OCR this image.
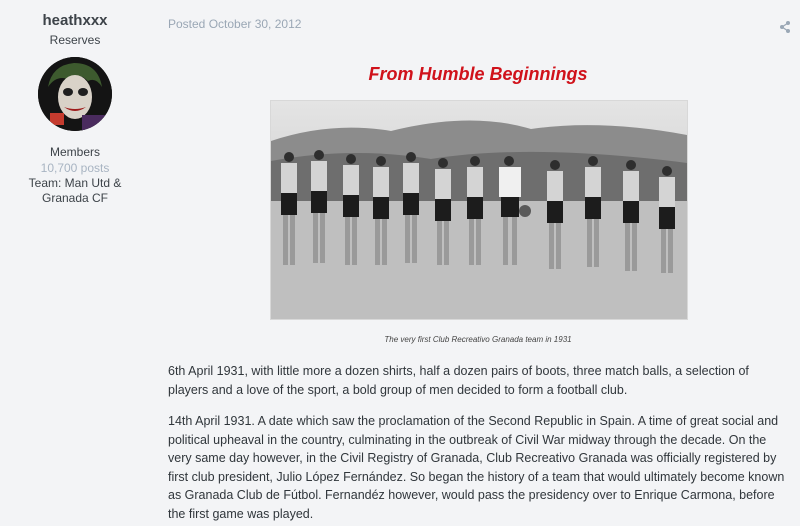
heathxxx
Reserves
Members
10,700 posts
Team: Man Utd & Granada CF
Posted October 30, 2012
From Humble Beginnings
The very first Club Recreativo Granada team in 1931

6th April 1931, with little more a dozen shirts, half a dozen pairs of boots, three match balls, a selection of players and a love of the sport, a bold group of men decided to form a football club.

14th April 1931. A date which saw the proclamation of the Second Republic in Spain. A time of great social and political upheaval in the country, culminating in the outbreak of Civil War midway through the decade. On the very same day however, in the Civil Registry of Granada, Club Recreativo Granada was officially registered by first club president, Julio López Fernández. So began the history of a team that would ultimately become known as Granada Club de Fútbol. Fernandéz however, would pass the presidency over to Enrique Carmona, before the first game was played.
